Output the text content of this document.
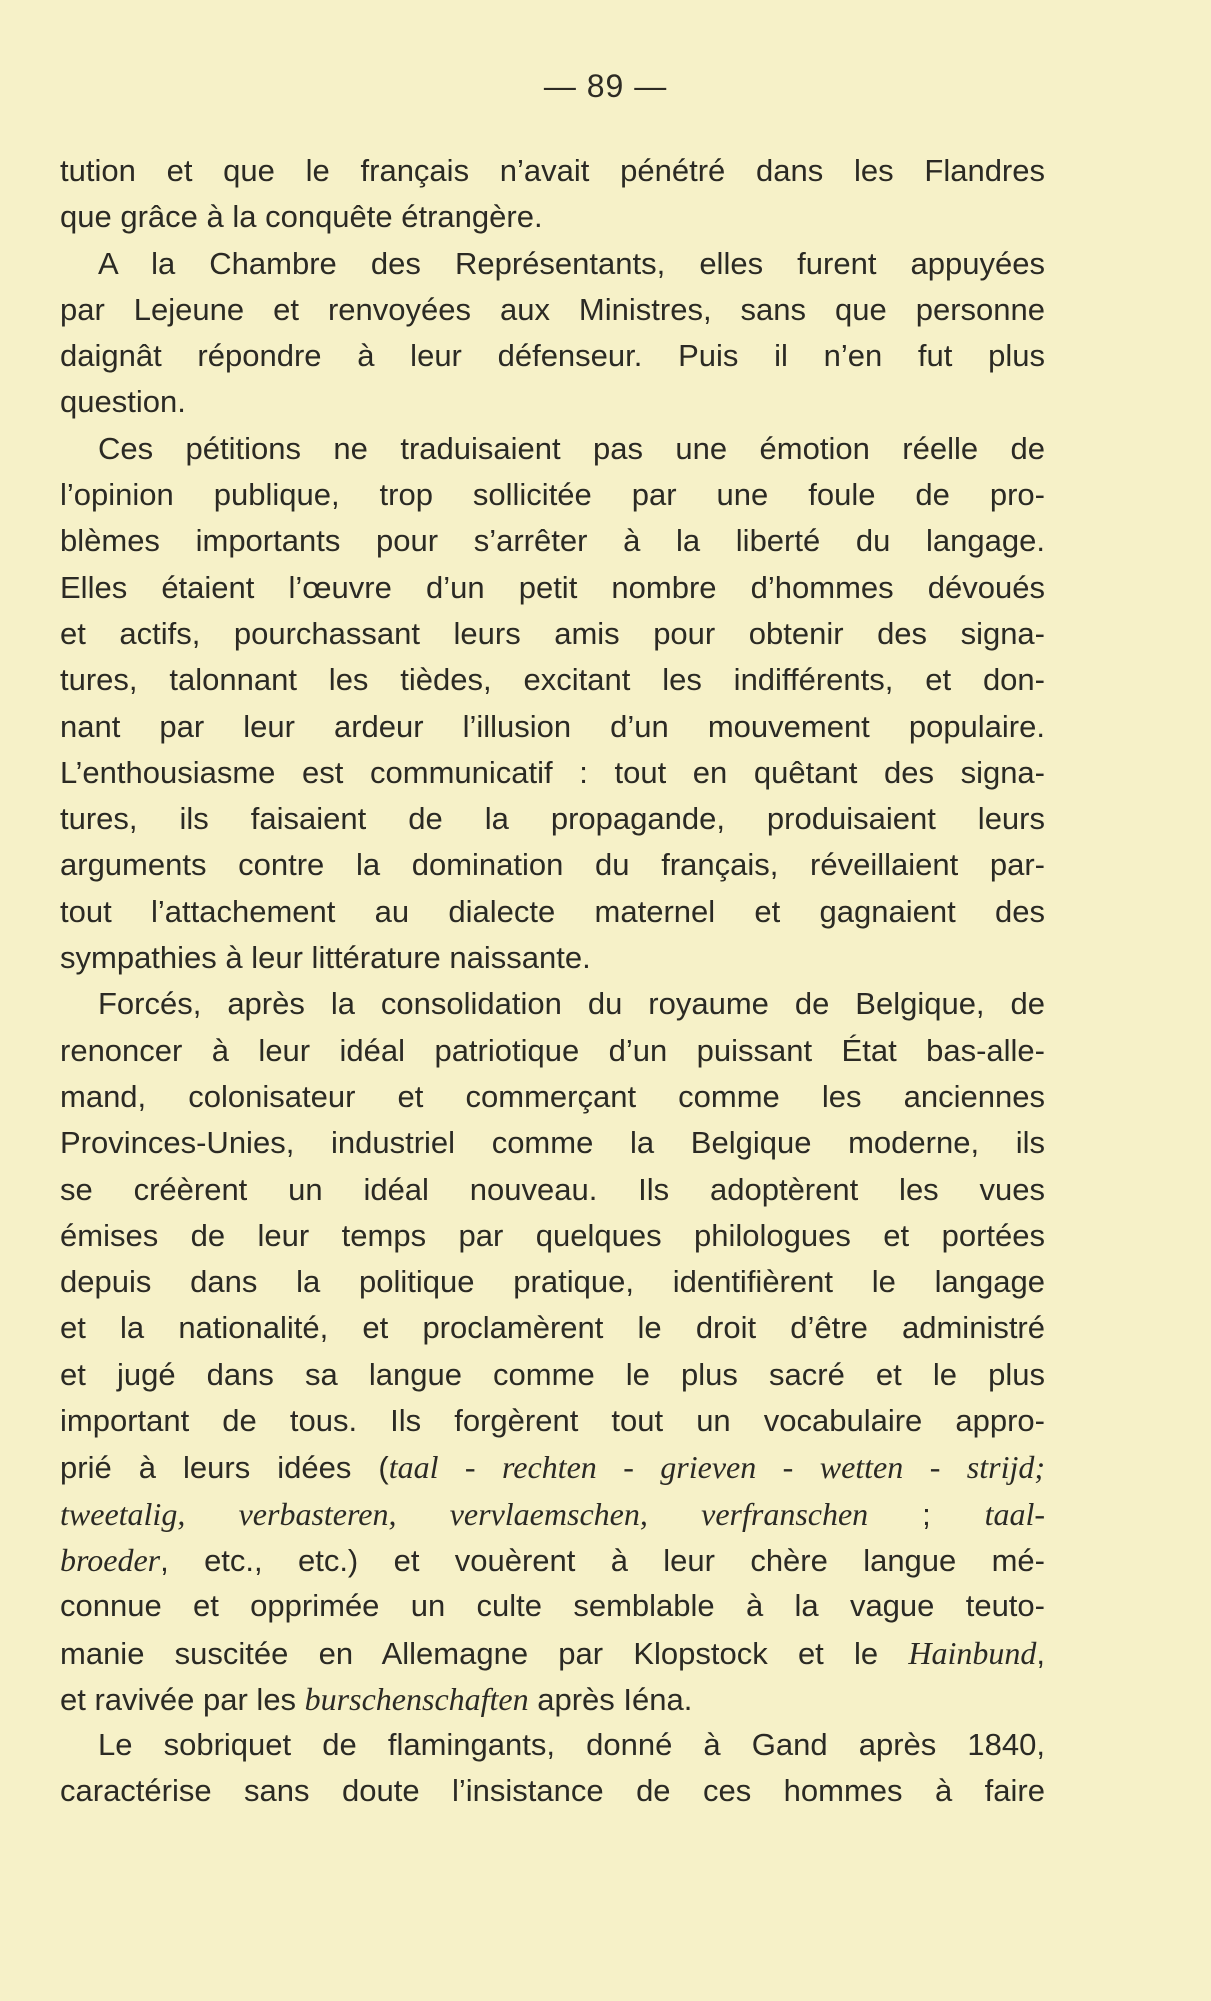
— 89 —
tution et que le français n’avait pénétré dans les Flandres
que grâce à la conquête étrangère.
A la Chambre des Représentants, elles furent appuyées
par Lejeune et renvoyées aux Ministres, sans que personne
daignât répondre à leur défenseur. Puis il n’en fut plus
question.
Ces pétitions ne traduisaient pas une émotion réelle de
l’opinion publique, trop sollicitée par une foule de pro-
blèmes importants pour s’arrêter à la liberté du langage.
Elles étaient l’œuvre d’un petit nombre d’hommes dévoués
et actifs, pourchassant leurs amis pour obtenir des signa-
tures, talonnant les tièdes, excitant les indifférents, et don-
nant par leur ardeur l’illusion d’un mouvement populaire.
L’enthousiasme est communicatif : tout en quêtant des signa-
tures, ils faisaient de la propagande, produisaient leurs
arguments contre la domination du français, réveillaient par-
tout l’attachement au dialecte maternel et gagnaient des
sympathies à leur littérature naissante.
Forcés, après la consolidation du royaume de Belgique, de
renoncer à leur idéal patriotique d’un puissant État bas-alle-
mand, colonisateur et commerçant comme les anciennes
Provinces-Unies, industriel comme la Belgique moderne, ils
se créèrent un idéal nouveau. Ils adoptèrent les vues
émises de leur temps par quelques philologues et portées
depuis dans la politique pratique, identifièrent le langage
et la nationalité, et proclamèrent le droit d’être administré
et jugé dans sa langue comme le plus sacré et le plus
important de tous. Ils forgèrent tout un vocabulaire appro-
prié à leurs idées (taal - rechten - grieven - wetten - strijd;
tweetalig, verbasteren, vervlaemschen, verfranschen ; taal-
broeder, etc., etc.) et vouèrent à leur chère langue mé-
connue et opprimée un culte semblable à la vague teuto-
manie suscitée en Allemagne par Klopstock et le Hainbund,
et ravivée par les burschenschaften après Iéna.
Le sobriquet de flamingants, donné à Gand après 1840,
caractérise sans doute l’insistance de ces hommes à faire
